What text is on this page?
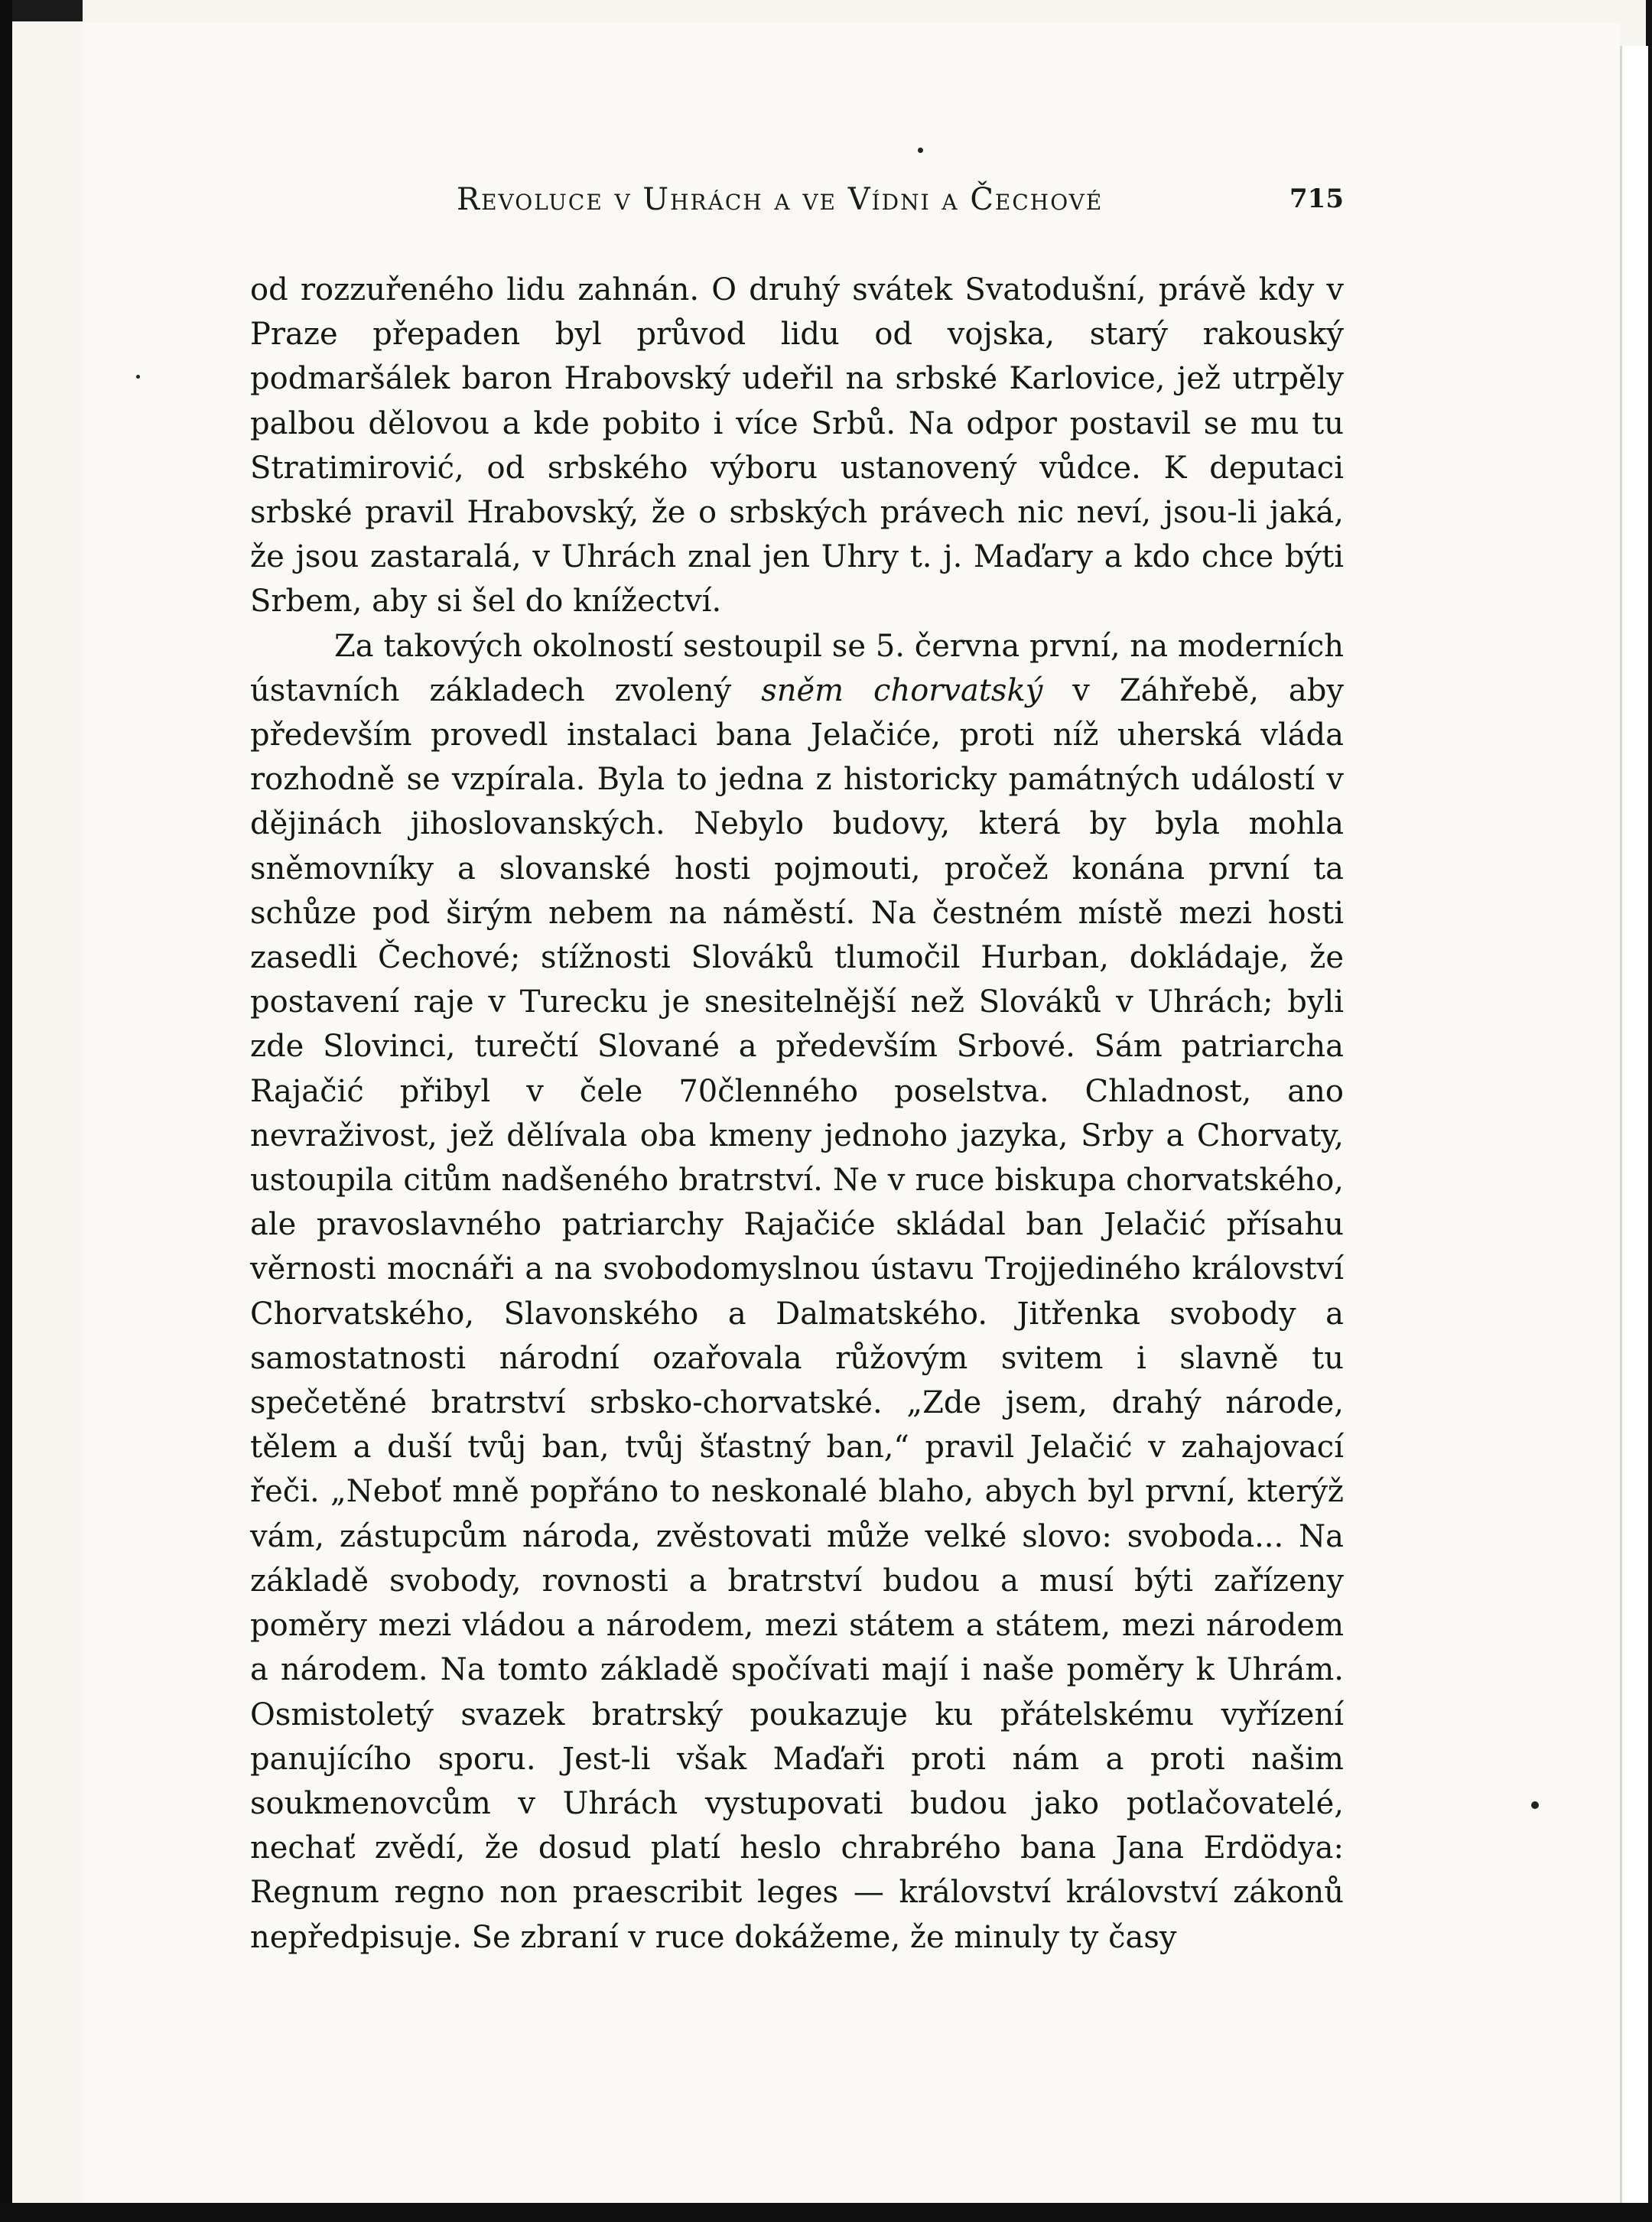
Revoluce v Uhrách a ve Vídni a Čechové	715

od rozzuřeného lidu zahnán. O druhý svátek Svatodušní, právě kdy v Praze přepaden byl průvod lidu od vojska, starý rakouský podmaršálek baron Hrabovský udeřil na srbské Karlovice, jež utrpěly palbou dělovou a kde pobito i více Srbů. Na odpor postavil se mu tu Stratimirović, od srbského výboru ustanovený vůdce. K deputaci srbské pravil Hrabovský, že o srbských právech nic neví, jsou-li jaká, že jsou zastaralá, v Uhrách znal jen Uhry t. j. Maďary a kdo chce býti Srbem, aby si šel do knížectví.

Za takových okolností sestoupil se 5. června první, na moderních ústavních základech zvolený sněm chorvatský v Záhřebě, aby především provedl instalaci bana Jelačiće, proti níž uherská vláda rozhodně se vzpírala. Byla to jedna z historicky památných událostí v dějinách jihoslovanských. Nebylo budovy, která by byla mohla sněmovníky a slovanské hosti pojmouti, pročež konána první ta schůze pod širým nebem na náměstí. Na čestném místě mezi hosti zasedli Čechové; stížnosti Slováků tlumočil Hurban, dokládaje, že postavení raje v Turecku je snesitelnější než Slováků v Uhrách; byli zde Slovinci, turečtí Slované a především Srbové. Sám patriarcha Rajačić přibyl v čele 70členného poselstva. Chladnost, ano nevraživost, jež dělívala oba kmeny jednoho jazyka, Srby a Chorvaty, ustoupila citům nadšeného bratrství. Ne v ruce biskupa chorvatského, ale pravoslavného patriarchy Rajačiće skládal ban Jelačić přísahu věrnosti mocnáři a na svobodomyslnou ústavu Trojjediného království Chorvatského, Slavonského a Dalmatského. Jitřenka svobody a samostatnosti národní ozařovala růžovým svitem i slavně tu spečetěné bratrství srbsko-chorvatské. „Zde jsem, drahý národe, tělem a duší tvůj ban, tvůj šťastný ban,“ pravil Jelačić v zahajovací řeči. „Neboť mně popřáno to neskonalé blaho, abych byl první, kterýž vám, zástupcům národa, zvěstovati může velké slovo: svoboda... Na základě svobody, rovnosti a bratrství budou a musí býti zařízeny poměry mezi vládou a národem, mezi státem a státem, mezi národem a národem. Na tomto základě spočívati mají i naše poměry k Uhrám. Osmistoletý svazek bratrský poukazuje ku přátelskému vyřízení panujícího sporu. Jest-li však Maďaři proti nám a proti našim soukmenovcům v Uhrách vystupovati budou jako potlačovatelé, nechať zvědí, že dosud platí heslo chrabrého bana Jana Erdödya: Regnum regno non praescribit leges — království království zákonů nepředpisuje. Se zbraní v ruce dokážeme, že minuly ty časy
